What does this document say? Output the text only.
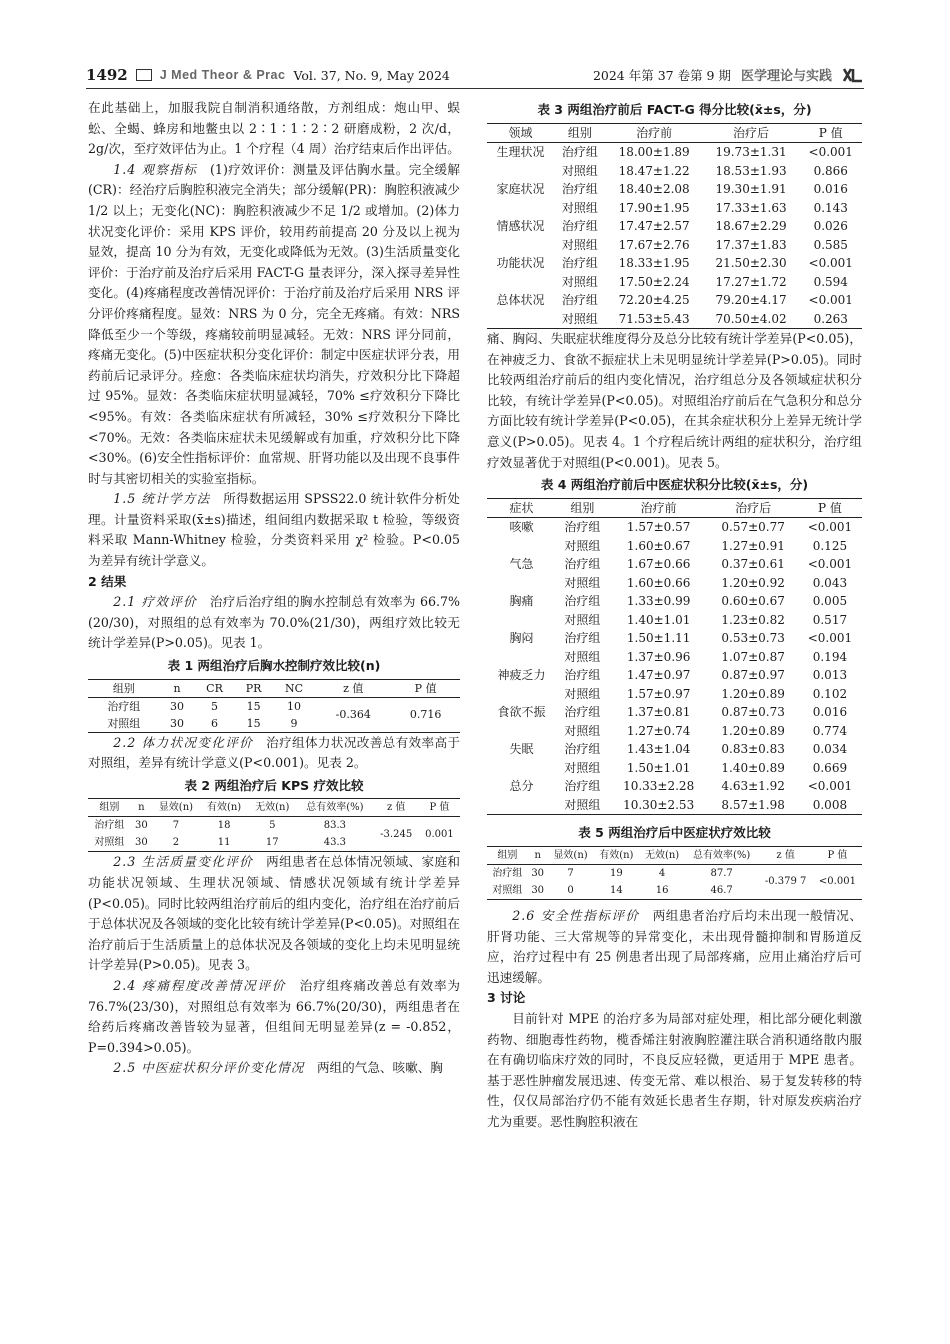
1492	J Med Theor & Prac Vol. 37, No. 9, May 2024	2024 年第 37 卷第 9 期 医学理论与实践

在此基础上，加服我院自制消积通络散，方剂组成：炮山甲、蜈蚣、全蝎、蜂房和地鳖虫以 2∶1∶1∶2∶2 研磨成粉，2 次/d，2g/次，至疗效评估为止。1 个疗程（4 周）治疗结束后作出评估。

1.4 观察指标　 (1)疗效评价：测量及评估胸水量。完全缓解(CR)：经治疗后胸腔积液完全消失；部分缓解(PR)：胸腔积液减少 1/2 以上；无变化(NC)：胸腔积液减少不足 1/2 或增加。(2)体力状况变化评价：采用 KPS 评价，较用药前提高 20 分及以上视为显效，提高 10 分为有效，无变化或降低为无效。(3)生活质量变化评价：于治疗前及治疗后采用 FACT-G 量表评分，深入探寻差异性变化。(4)疼痛程度改善情况评价：于治疗前及治疗后采用 NRS 评分评价疼痛程度。显效：NRS 为 0 分，完全无疼痛。有效：NRS 降低至少一个等级，疼痛较前明显减轻。无效：NRS 评分同前，疼痛无变化。(5)中医症状积分变化评价：制定中医症状评分表，用药前后记录评分。痊愈：各类临床症状均消失，疗效积分比下降超过 95%。显效：各类临床症状明显减轻，70% ≤疗效积分下降比 <95%。有效：各类临床症状有所减轻，30% ≤疗效积分下降比 <70%。无效：各类临床症状未见缓解或有加重，疗效积分比下降 <30%。(6)安全性指标评价：血常规、肝肾功能以及出现不良事件时与其密切相关的实验室指标。

1.5 统计学方法　 所得数据运用 SPSS22.0 统计软件分析处理。计量资料采取(x̄±s)描述，组间组内数据采取 t 检验，等级资料采取 Mann-Whitney 检验，分类资料采用 χ² 检验。P<0.05 为差异有统计学意义。

2 结果

2.1 疗效评价　 治疗后治疗组的胸水控制总有效率为 66.7%(20/30)，对照组的总有效率为 70.0%(21/30)，两组疗效比较无统计学差异(P>0.05)。见表 1。

表 1 两组治疗后胸水控制疗效比较(n)
组别	n	CR	PR	NC	z 值	P 值
治疗组	30	5	15	10	-0.364	0.716
对照组	30	6	15	9		

2.2 体力状况变化评价　 治疗组体力状况改善总有效率高于对照组，差异有统计学意义(P<0.001)。见表 2。

表 2 两组治疗后 KPS 疗效比较
组别	n	显效(n)	有效(n)	无效(n)	总有效率(%)	z 值	P 值
治疗组	30	7	18	5	83.3	-3.245	0.001
对照组	30	2	11	17	43.3		

2.3 生活质量变化评价　 两组患者在总体情况领域、家庭和功能状况领域、生理状况领域、情感状况领域有统计学差异(P<0.05)。同时比较两组治疗前后的组内变化，治疗组在治疗前后于总体状况及各领域的变化比较有统计学差异(P<0.05)。对照组在治疗前后于生活质量上的总体状况及各领域的变化上均未见明显统计学差异(P>0.05)。见表 3。

2.4 疼痛程度改善情况评价　 治疗组疼痛改善总有效率为 76.7%(23/30)，对照组总有效率为 66.7%(20/30)，两组患者在给药后疼痛改善皆较为显著，但组间无明显差异(z = -0.852，P=0.394>0.05)。

2.5 中医症状积分评价变化情况　 两组的气急、咳嗽、胸

表 3 两组治疗前后 FACT-G 得分比较(x̄±s，分)
领域	组别	治疗前	治疗后	P 值
生理状况	治疗组	18.00±1.89	19.73±1.31	<0.001
	对照组	18.47±1.22	18.53±1.93	0.866
家庭状况	治疗组	18.40±2.08	19.30±1.91	0.016
	对照组	17.90±1.95	17.33±1.63	0.143
情感状况	治疗组	17.47±2.57	18.67±2.29	0.026
	对照组	17.67±2.76	17.37±1.83	0.585
功能状况	治疗组	18.33±1.95	21.50±2.30	<0.001
	对照组	17.50±2.24	17.27±1.72	0.594
总体状况	治疗组	72.20±4.25	79.20±4.17	<0.001
	对照组	71.53±5.43	70.50±4.02	0.263

痛、胸闷、失眠症状维度得分及总分比较有统计学差异(P<0.05)，在神疲乏力、食欲不振症状上未见明显统计学差异(P>0.05)。同时比较两组治疗前后的组内变化情况，治疗组总分及各领域症状积分比较，有统计学差异(P<0.05)。对照组治疗前后在气急积分和总分方面比较有统计学差异(P<0.05)，在其余症状积分上差异无统计学意义(P>0.05)。见表 4。1 个疗程后统计两组的症状积分，治疗组疗效显著优于对照组(P<0.001)。见表 5。

表 4 两组治疗前后中医症状积分比较(x̄±s，分)
症状	组别	治疗前	治疗后	P 值
咳嗽	治疗组	1.57±0.57	0.57±0.77	<0.001
	对照组	1.60±0.67	1.27±0.91	0.125
气急	治疗组	1.67±0.66	0.37±0.61	<0.001
	对照组	1.60±0.66	1.20±0.92	0.043
胸痛	治疗组	1.33±0.99	0.60±0.67	0.005
	对照组	1.40±1.01	1.23±0.82	0.517
胸闷	治疗组	1.50±1.11	0.53±0.73	<0.001
	对照组	1.37±0.96	1.07±0.87	0.194
神疲乏力	治疗组	1.47±0.97	0.87±0.97	0.013
	对照组	1.57±0.97	1.20±0.89	0.102
食欲不振	治疗组	1.37±0.81	0.87±0.73	0.016
	对照组	1.27±0.74	1.20±0.89	0.774
失眠	治疗组	1.43±1.04	0.83±0.83	0.034
	对照组	1.50±1.01	1.40±0.89	0.669
总分	治疗组	10.33±2.28	4.63±1.92	<0.001
	对照组	10.30±2.53	8.57±1.98	0.008
表 5 两组治疗后中医症状疗效比较
组别	n	显效(n)	有效(n)	无效(n)	总有效率(%)	z 值	P 值
治疗组	30	7	19	4	87.7	-0.379 7	<0.001
对照组	30	0	14	16	46.7		

2.6 安全性指标评价　 两组患者治疗后均未出现一般情况、肝肾功能、三大常规等的异常变化，未出现骨髓抑制和胃肠道反应，治疗过程中有 25 例患者出现了局部疼痛，应用止痛治疗后可迅速缓解。

3 讨论

目前针对 MPE 的治疗多为局部对症处理，相比部分硬化刺激药物、细胞毒性药物，榄香烯注射液胸腔灌注联合消积通络散内服在有确切临床疗效的同时，不良反应轻微，更适用于 MPE 患者。基于恶性肿瘤发展迅速、传变无常、难以根治、易于复发转移的特性，仅仅局部治疗仍不能有效延长患者生存期，针对原发疾病治疗尤为重要。恶性胸腔积液在
